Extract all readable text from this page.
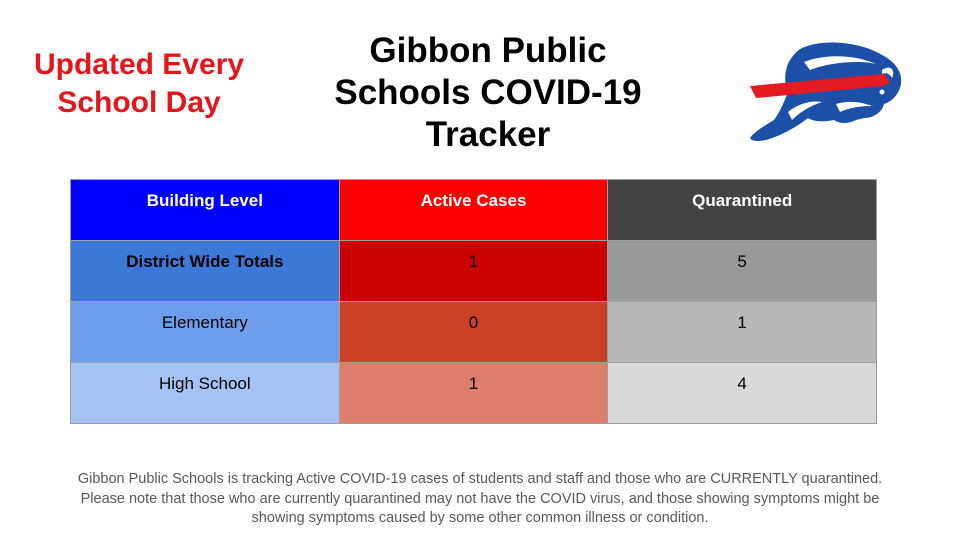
Updated Every School Day
Gibbon Public Schools COVID-19 Tracker
Building Level	Active Cases	Quarantined

District Wide Totals	1	5

Elementary	0	1

High School	1	4
Gibbon Public Schools is tracking Active COVID-19 cases of students and staff and those who are CURRENTLY quarantined. Please note that those who are currently quarantined may not have the COVID virus, and those showing symptoms might be showing symptoms caused by some other common illness or condition.
